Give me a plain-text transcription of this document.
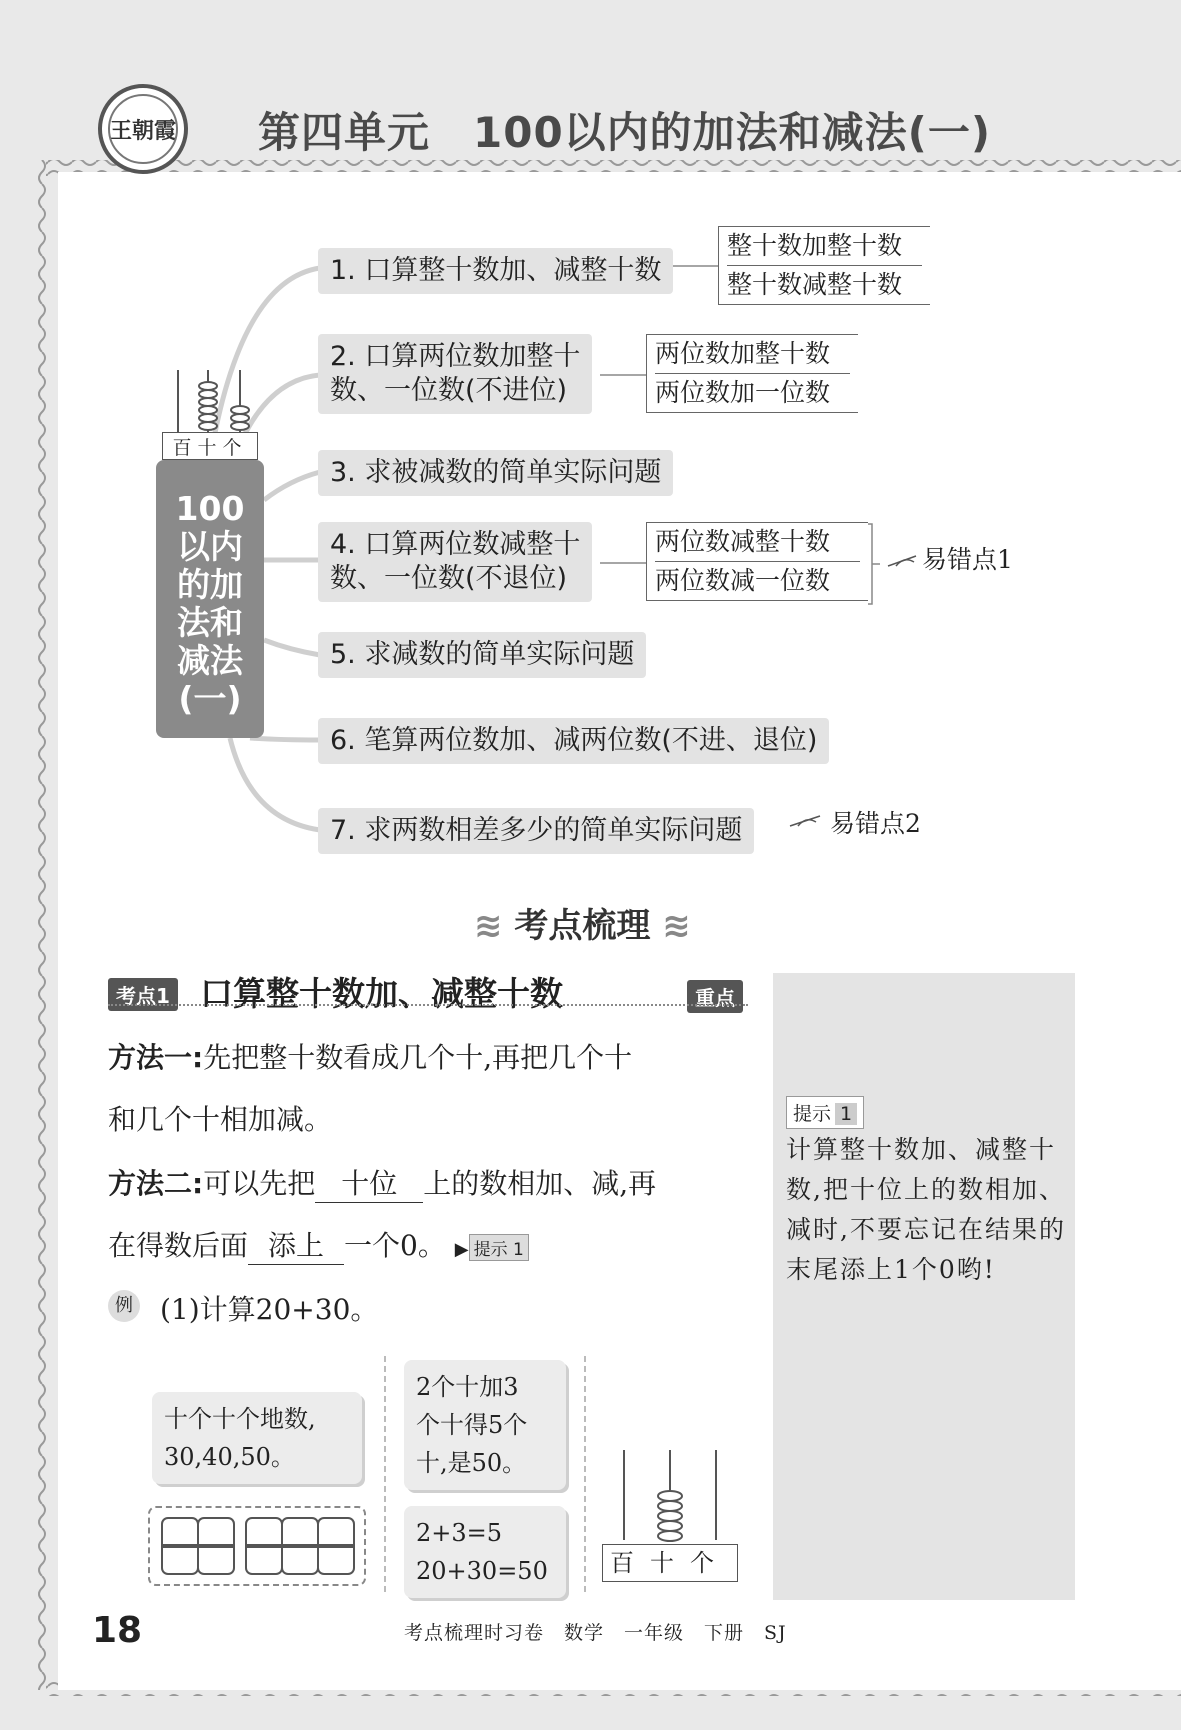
王朝霞 第四单元　100以内的加法和减法(一)
百十个
100
以内
的加
法和
减法
(一)
1. 口算整十数加、减整十数
整十数加整十数
整十数减整十数
2. 口算两位数加整十
数、一位数(不进位)
两位数加整十数
两位数加一位数
3. 求被减数的简单实际问题
4. 口算两位数减整十
数、一位数(不退位)
两位数减整十数
两位数减一位数
易错点1
5. 求减数的简单实际问题
6. 笔算两位数加、减两位数(不进、退位)
7. 求两数相差多少的简单实际问题	易错点2
≋ 考点梳理 ≋
提示 1
计算整十数加、减整十数,把十位上的数相加、减时,不要忘记在结果的末尾添上1个0哟!
考点1 口算整十数加、减整十数	重点
方法一:先把整十数看成几个十,再把几个十
和几个十相加减。
方法二:可以先把 十位 上的数相加、减,再
在得数后面 添上 一个0。 ▶ 提示 1
例 (1)计算20+30。
十个十个地数,
30,40,50。
2个十加3
个十得5个
十,是50。
2+3=5
20+30=50	百十个
18	考点梳理时习卷　数学　一年级　下册　SJ
